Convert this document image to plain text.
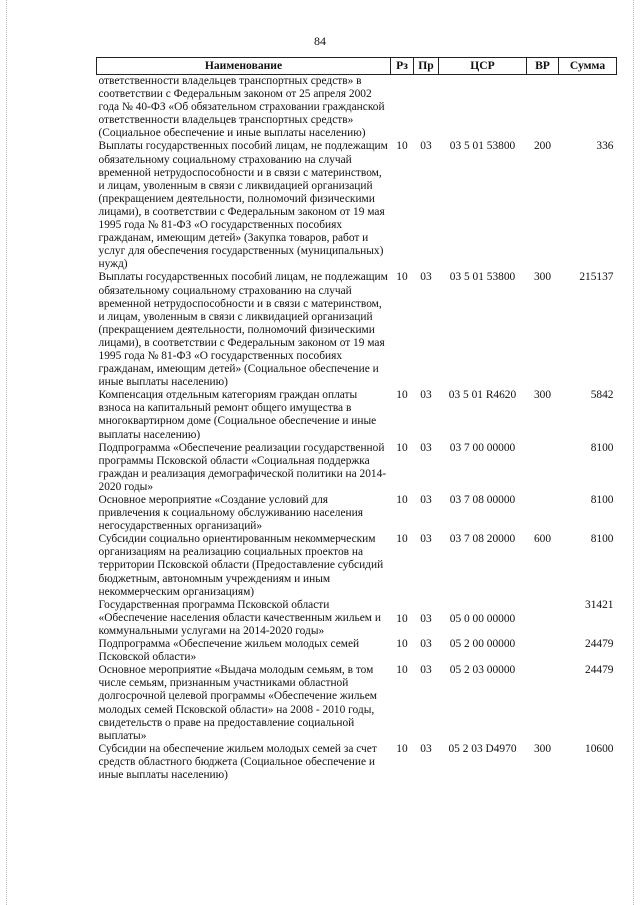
84
Наименование	Рз	Пр	ЦСР	ВР	Сумма
ответственности владельцев транспортных средств» в соответствии с Федеральным законом от 25 апреля 2002 года № 40-ФЗ «Об обязательном страховании гражданской ответственности владельцев транспортных средств» (Социальное обеспечение и иные выплаты населению)					
Выплаты государственных пособий лицам, не подлежащим обязательному социальному страхованию на случай временной нетрудоспособности и в связи с материнством, и лицам, уволенным в связи с ликвидацией организаций (прекращением деятельности, полномочий физическими лицами), в соответствии с Федеральным законом от 19 мая 1995 года № 81-ФЗ «О государственных пособиях гражданам, имеющим детей» (Закупка товаров, работ и услуг для обеспечения государственных (муниципальных) нужд)	10	03	03 5 01 53800	200	336
Выплаты государственных пособий лицам, не подлежащим обязательному социальному страхованию на случай временной нетрудоспособности и в связи с материнством, и лицам, уволенным в связи с ликвидацией организаций (прекращением деятельности, полномочий физическими лицами), в соответствии с Федеральным законом от 19 мая 1995 года № 81-ФЗ «О государственных пособиях гражданам, имеющим детей» (Социальное обеспечение и иные выплаты населению)	10	03	03 5 01 53800	300	215137
Компенсация отдельным категориям граждан оплаты взноса на капитальный ремонт общего имущества в многоквартирном доме (Социальное обеспечение и иные выплаты населению)	10	03	03 5 01 R4620	300	5842
Подпрограмма «Обеспечение реализации государственной программы Псковской области «Социальная поддержка граждан и реализация демографической политики на 2014-2020 годы»	10	03	03 7 00 00000		8100
Основное мероприятие «Создание условий для привлечения к социальному обслуживанию населения негосударственных организаций»	10	03	03 7 08 00000		8100
Субсидии социально ориентированным некоммерческим организациям на реализацию социальных проектов на территории Псковской области (Предоставление субсидий бюджетным, автономным учреждениям и иным некоммерческим организациям)	10	03	03 7 08 20000	600	8100
Государственная программа Псковской области «Обеспечение населения области качественным жильем и коммунальными услугами на 2014-2020 годы»	10	03	05 0 00 00000		31421
Подпрограмма «Обеспечение жильем молодых семей Псковской области»	10	03	05 2 00 00000		24479
Основное мероприятие «Выдача молодым семьям, в том числе семьям, признанным участниками областной долгосрочной целевой программы «Обеспечение жильем молодых семей Псковской области» на 2008 - 2010 годы, свидетельств о праве на предоставление социальной выплаты»	10	03	05 2 03 00000		24479
Субсидии на обеспечение жильем молодых семей за счет средств областного бюджета (Социальное обеспечение и иные выплаты населению)	10	03	05 2 03 D4970	300	10600
